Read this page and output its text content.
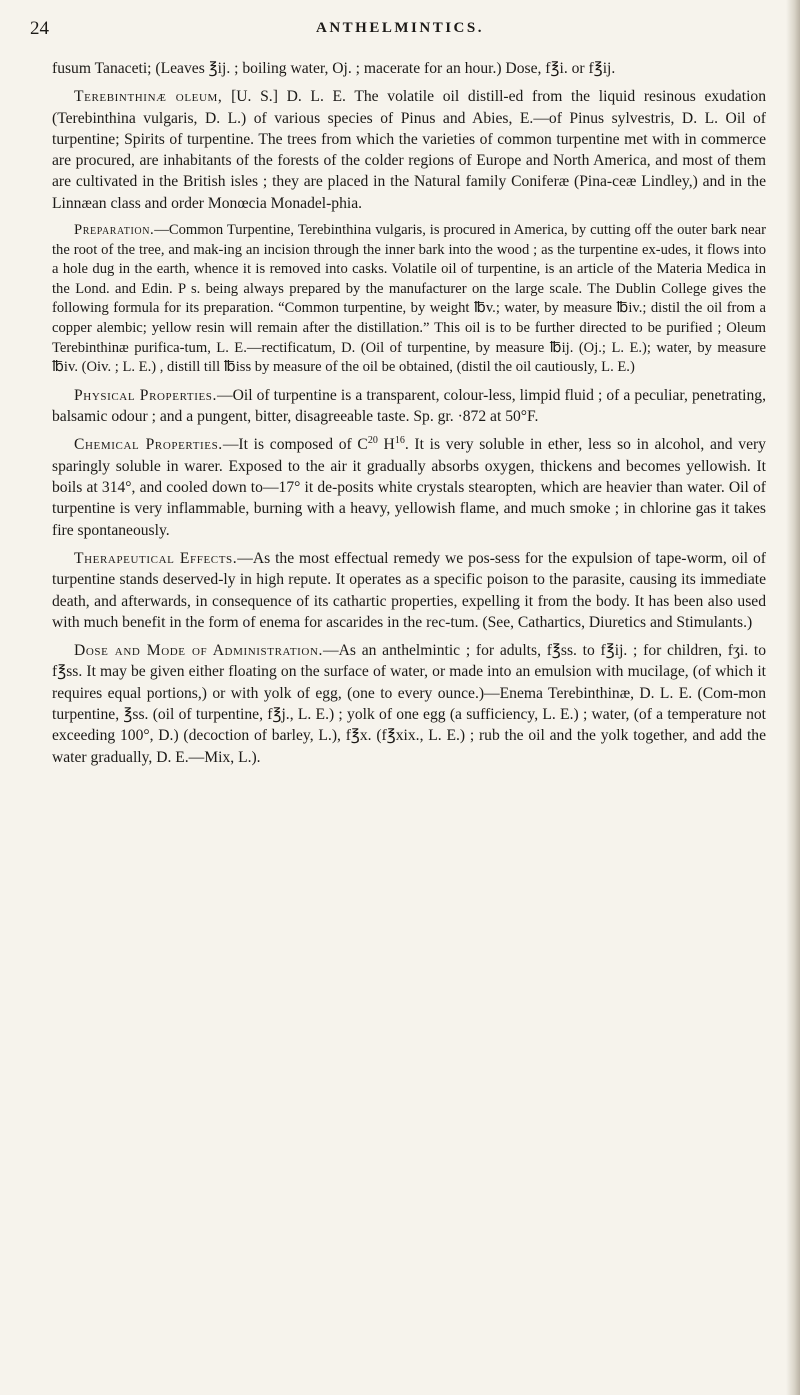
24	ANTHELMINTICS.

fusum Tanaceti; (Leaves ℥ij. ; boiling water, Oj. ; macerate for an hour.) Dose, f℥i. or f℥ij.

Terebinthinæ oleum, [U. S.] D. L. E. The volatile oil distill-ed from the liquid resinous exudation (Terebinthina vulgaris, D. L.) of various species of Pinus and Abies, E.—of Pinus sylvestris, D. L. Oil of turpentine; Spirits of turpentine. The trees from which the varieties of common turpentine met with in commerce are procured, are inhabitants of the forests of the colder regions of Europe and North America, and most of them are cultivated in the British isles ; they are placed in the Natural family Coniferæ (Pina-ceæ Lindley,) and in the Linnæan class and order Monœcia Monadel-phia.

Preparation.—Common Turpentine, Terebinthina vulgaris, is procured in America, by cutting off the outer bark near the root of the tree, and mak-ing an incision through the inner bark into the wood ; as the turpentine ex-udes, it flows into a hole dug in the earth, whence it is removed into casks. Volatile oil of turpentine, is an article of the Materia Medica in the Lond. and Edin. P s. being always prepared by the manufacturer on the large scale. The Dublin College gives the following formula for its preparation. “Common turpentine, by weight ℔v.; water, by measure ℔iv.; distil the oil from a copper alembic; yellow resin will remain after the distillation.” This oil is to be further directed to be purified ; Oleum Terebinthinæ purifica-tum, L. E.—rectificatum, D. (Oil of turpentine, by measure ℔ij. (Oj.; L. E.); water, by measure ℔iv. (Oiv. ; L. E.) , distill till ℔iss by measure of the oil be obtained, (distil the oil cautiously, L. E.)

Physical Properties.—Oil of turpentine is a transparent, colour-less, limpid fluid ; of a peculiar, penetrating, balsamic odour ; and a pungent, bitter, disagreeable taste. Sp. gr. ·872 at 50°F.

Chemical Properties.—It is composed of $C^{20}$ $H^{16}$. It is very soluble in ether, less so in alcohol, and very sparingly soluble in warer. Exposed to the air it gradually absorbs oxygen, thickens and becomes yellowish. It boils at 314°, and cooled down to—17° it de-posits white crystals stearopten, which are heavier than water. Oil of turpentine is very inflammable, burning with a heavy, yellowish flame, and much smoke ; in chlorine gas it takes fire spontaneously.

Therapeutical Effects.—As the most effectual remedy we pos-sess for the expulsion of tape-worm, oil of turpentine stands deserved-ly in high repute. It operates as a specific poison to the parasite, causing its immediate death, and afterwards, in consequence of its cathartic properties, expelling it from the body. It has been also used with much benefit in the form of enema for ascarides in the rec-tum. (See, Cathartics, Diuretics and Stimulants.)

Dose and Mode of Administration.—As an anthelmintic ; for adults, f℥ss. to f℥ij. ; for children, fʒi. to f℥ss. It may be given either floating on the surface of water, or made into an emulsion with mucilage, (of which it requires equal portions,) or with yolk of egg, (one to every ounce.)—Enema Terebinthinæ, D. L. E. (Com-mon turpentine, ℥ss. (oil of turpentine, f℥j., L. E.) ; yolk of one egg (a sufficiency, L. E.) ; water, (of a temperature not exceeding 100°, D.) (decoction of barley, L.), f℥x. (f℥xix., L. E.) ; rub the oil and the yolk together, and add the water gradually, D. E.—Mix, L.).
